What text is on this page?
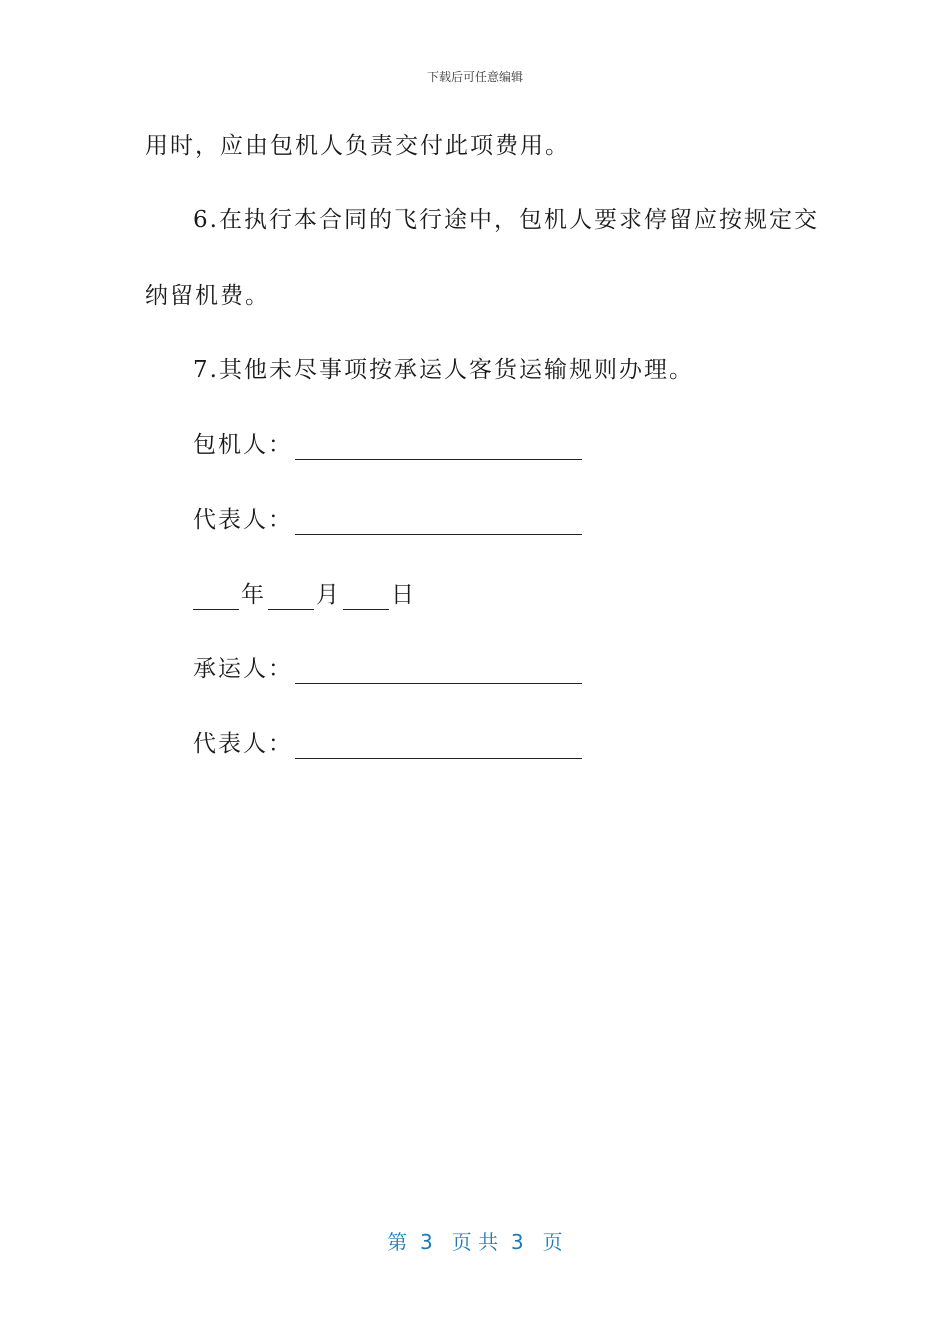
下载后可任意编辑
用时，应由包机人负责交付此项费用。
6.在执行本合同的飞行途中，包机人要求停留应按规定交
纳留机费。
7.其他未尽事项按承运人客货运输规则办理。
包机人：
代表人：
年 月 日
承运人：
代表人：
第  3   页 共  3   页
